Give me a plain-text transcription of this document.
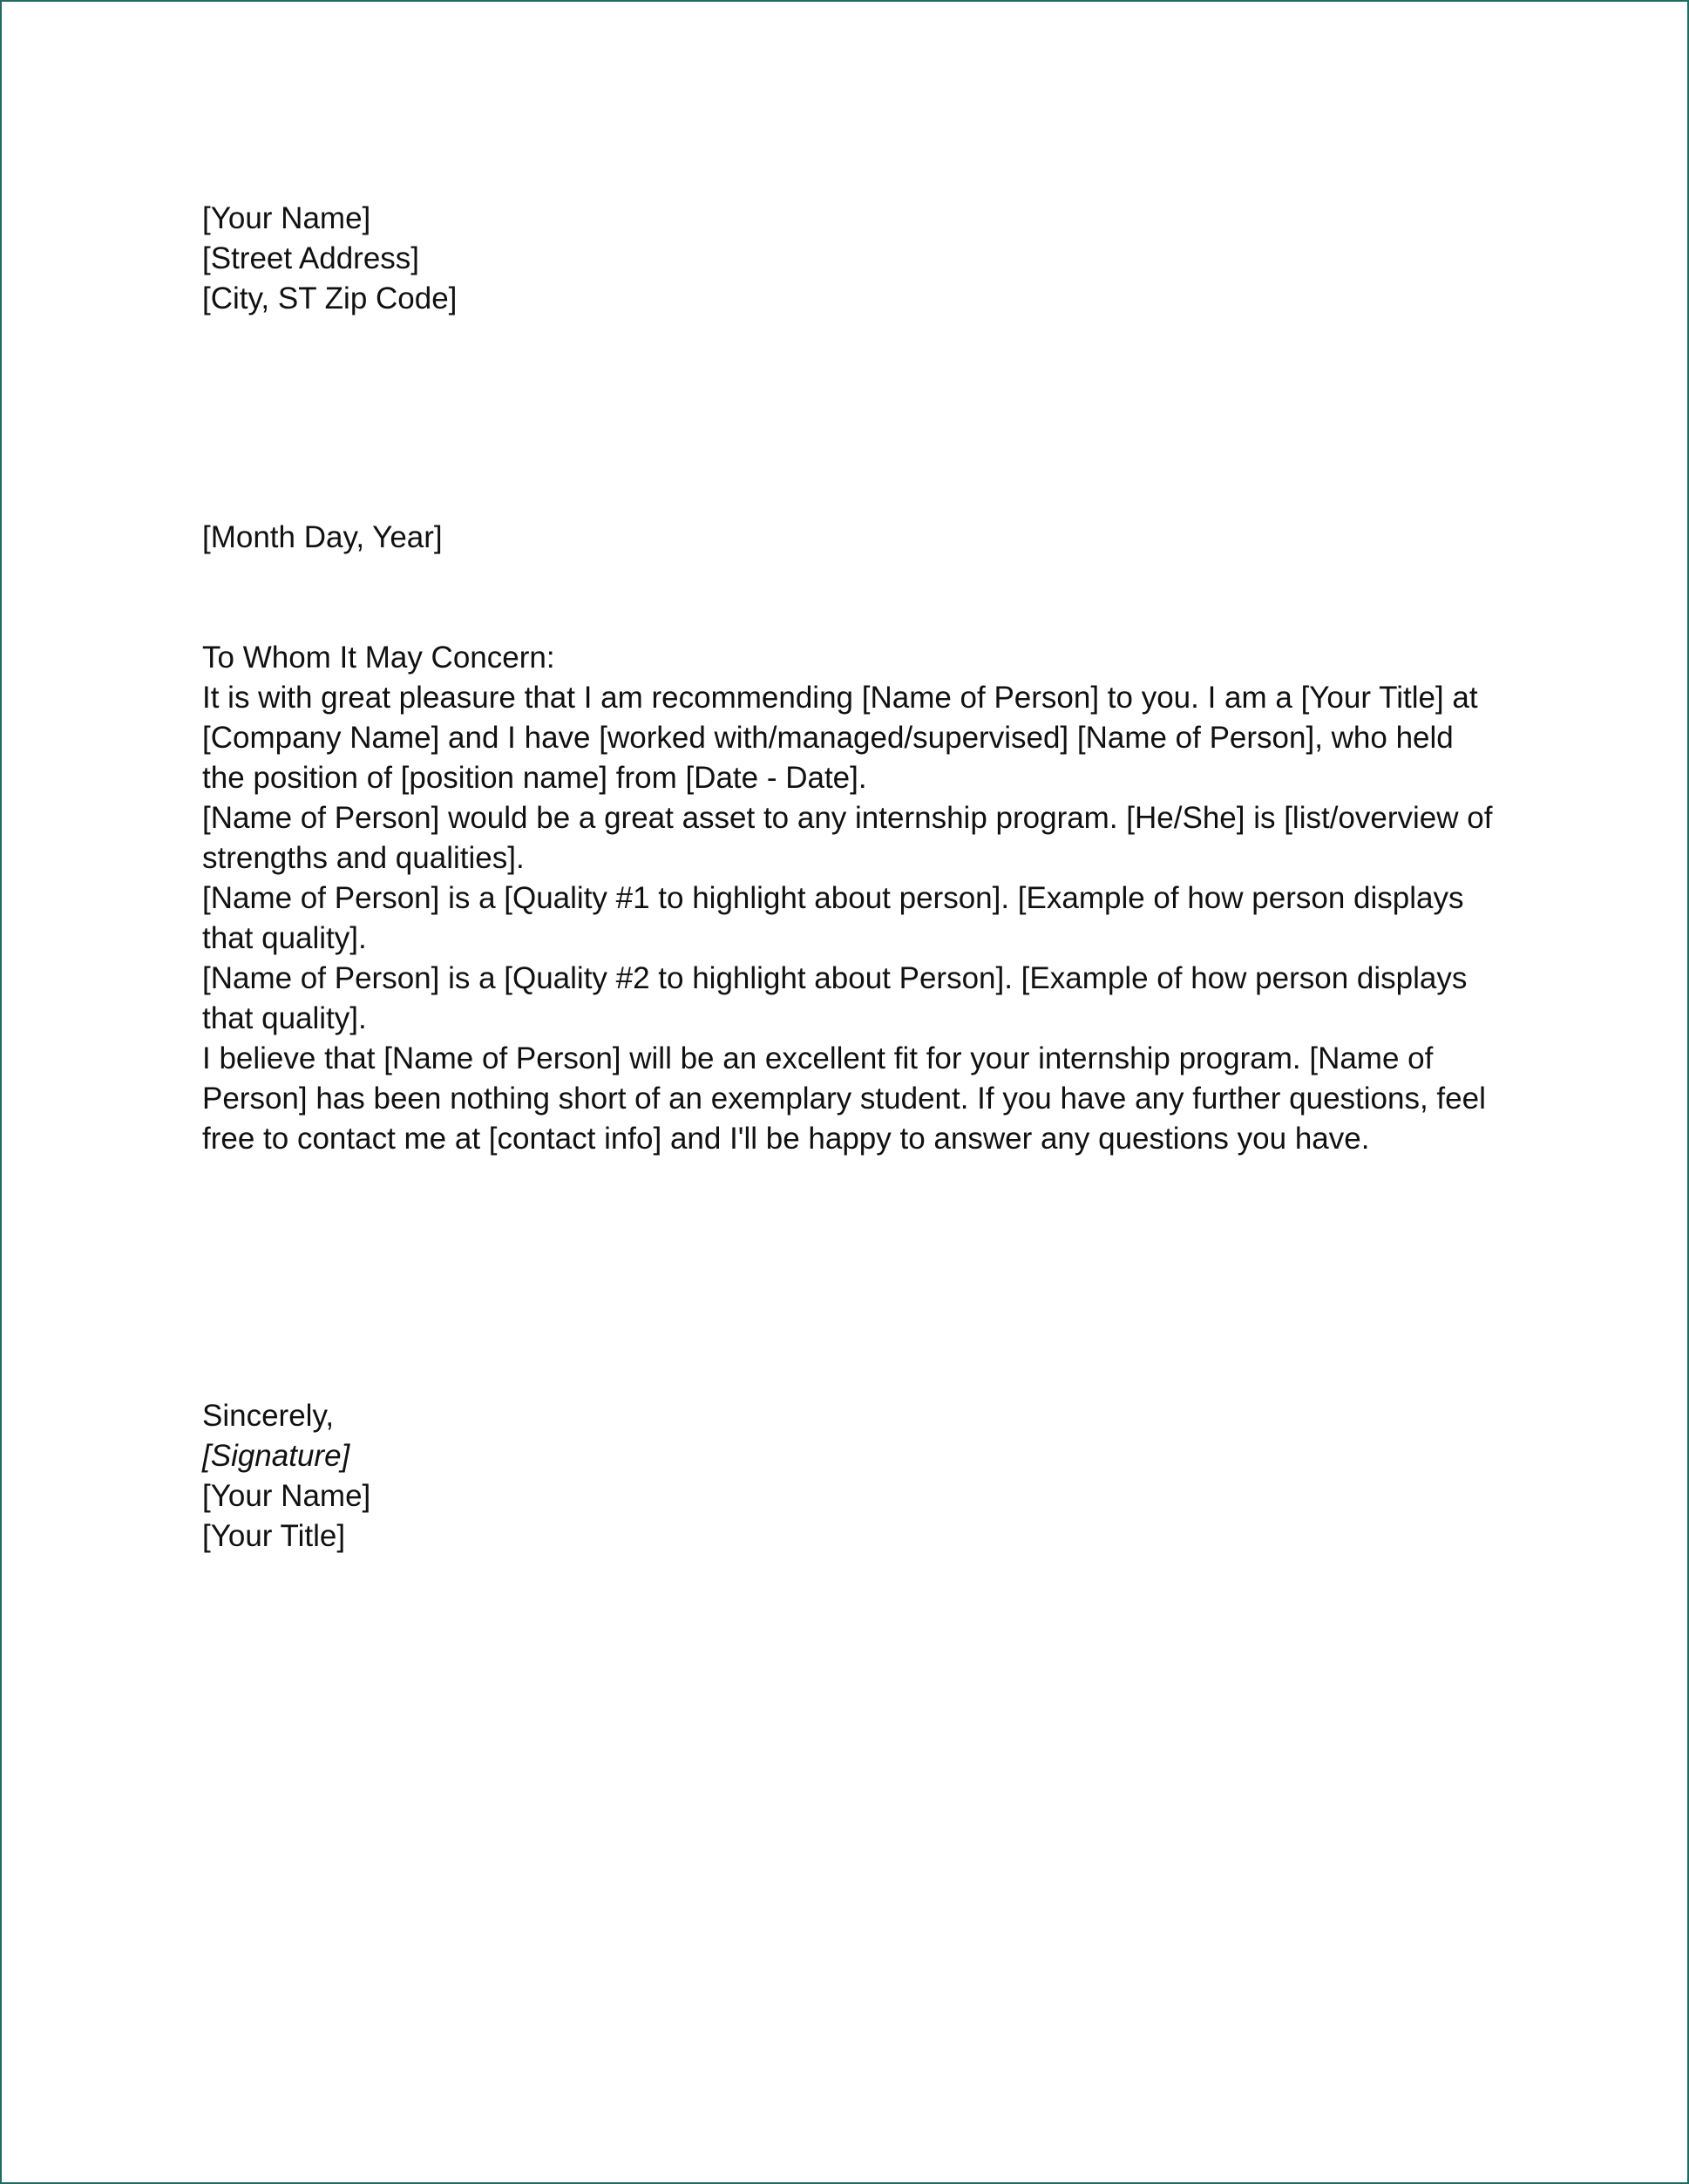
[Your Name]
[Street Address]
[City, ST Zip Code]
[Month Day, Year]
To Whom It May Concern:
It is with great pleasure that I am recommending [Name of Person] to you. I am a [Your Title] at
[Company Name] and I have [worked with/managed/supervised] [Name of Person], who held
the position of [position name] from [Date - Date].
[Name of Person] would be a great asset to any internship program. [He/She] is [list/overview of
strengths and qualities].
[Name of Person] is a [Quality #1 to highlight about person]. [Example of how person displays
that quality].
[Name of Person] is a [Quality #2 to highlight about Person]. [Example of how person displays
that quality].
I believe that [Name of Person] will be an excellent fit for your internship program. [Name of
Person] has been nothing short of an exemplary student. If you have any further questions, feel
free to contact me at [contact info] and I'll be happy to answer any questions you have.
Sincerely,
[Signature]
[Your Name]
[Your Title]
